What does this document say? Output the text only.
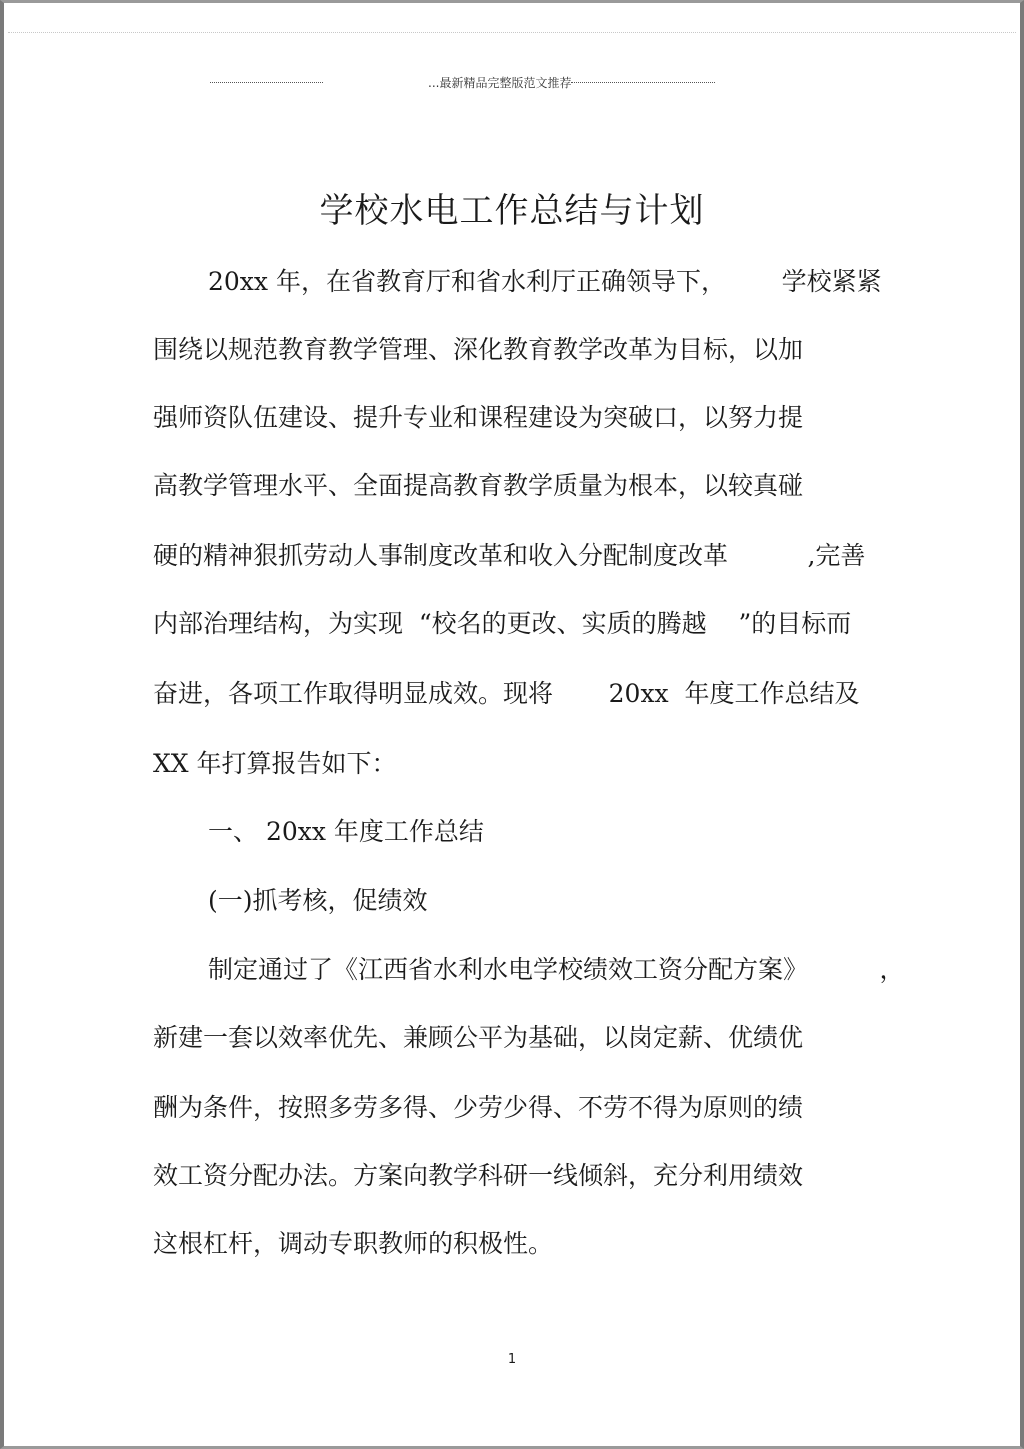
...最新精品完整版范文推荐
学校水电工作总结与计划
20xx 年，在省教育厅和省水利厅正确领导下，       学校紧紧
围绕以规范教育教学管理、深化教育教学改革为目标，以加
强师资队伍建设、提升专业和课程建设为突破口，以努力提
高教学管理水平、全面提高教育教学质量为根本，以较真碰
硬的精神狠抓劳动人事制度改革和收入分配制度改革          ,完善
内部治理结构，为实现  “校名的更改、实质的腾越    ”的目标而
奋进，各项工作取得明显成效。现将       20xx  年度工作总结及
XX 年打算报告如下：
一、 20xx 年度工作总结
(一)抓考核，促绩效
制定通过了《江西省水利水电学校绩效工资分配方案》         ，
新建一套以效率优先、兼顾公平为基础，以岗定薪、优绩优
酬为条件，按照多劳多得、少劳少得、不劳不得为原则的绩
效工资分配办法。方案向教学科研一线倾斜，充分利用绩效
这根杠杆，调动专职教师的积极性。
1
